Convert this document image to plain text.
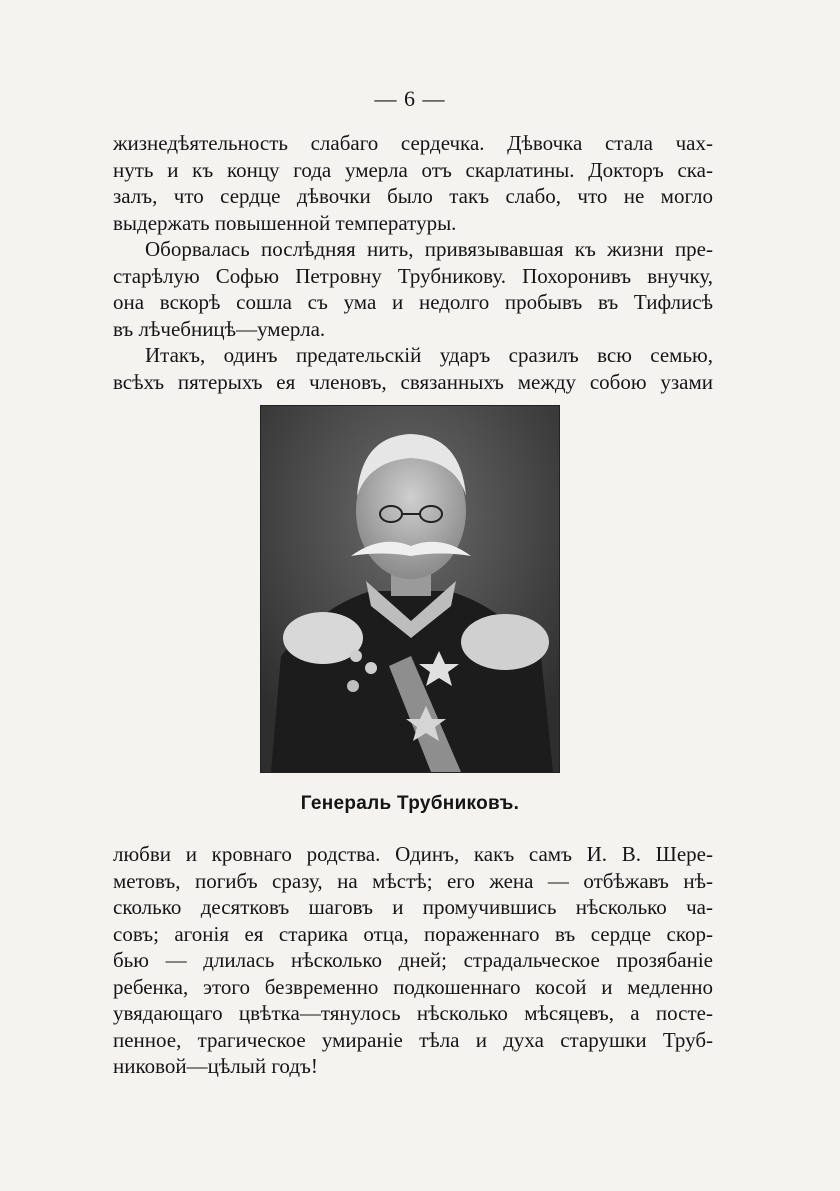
— 6 —
жизнедѣятельность слабаго сердечка. Дѣвочка стала чах-
нуть и къ концу года умерла отъ скарлатины. Докторъ ска-
залъ, что сердце дѣвочки было такъ слабо, что не могло
выдержать повышенной температуры.
Оборвалась послѣдняя нить, привязывавшая къ жизни пре-
старѣлую Софью Петровну Трубникову. Похоронивъ внучку,
она вскорѣ сошла съ ума и недолго пробывъ въ Тифлисѣ
въ лѣчебницѣ—умерла.
Итакъ, одинъ предательскій ударъ сразилъ всю семью,
всѣхъ пятерыхъ ея членовъ, связанныхъ между собою узами
Генераль Трубниковъ.
любви и кровнаго родства. Одинъ, какъ самъ И. В. Шере-
метовъ, погибъ сразу, на мѣстѣ; его жена — отбѣжавъ нѣ-
сколько десятковъ шаговъ и промучившись нѣсколько ча-
совъ; агонія ея старика отца, пораженнаго въ сердце скор-
бью — длилась нѣсколько дней; страдальческое прозябаніе
ребенка, этого безвременно подкошеннаго косой и медленно
увядающаго цвѣтка—тянулось нѣсколько мѣсяцевъ, а посте-
пенное, трагическое умираніе тѣла и духа старушки Труб-
никовой—цѣлый годъ!
